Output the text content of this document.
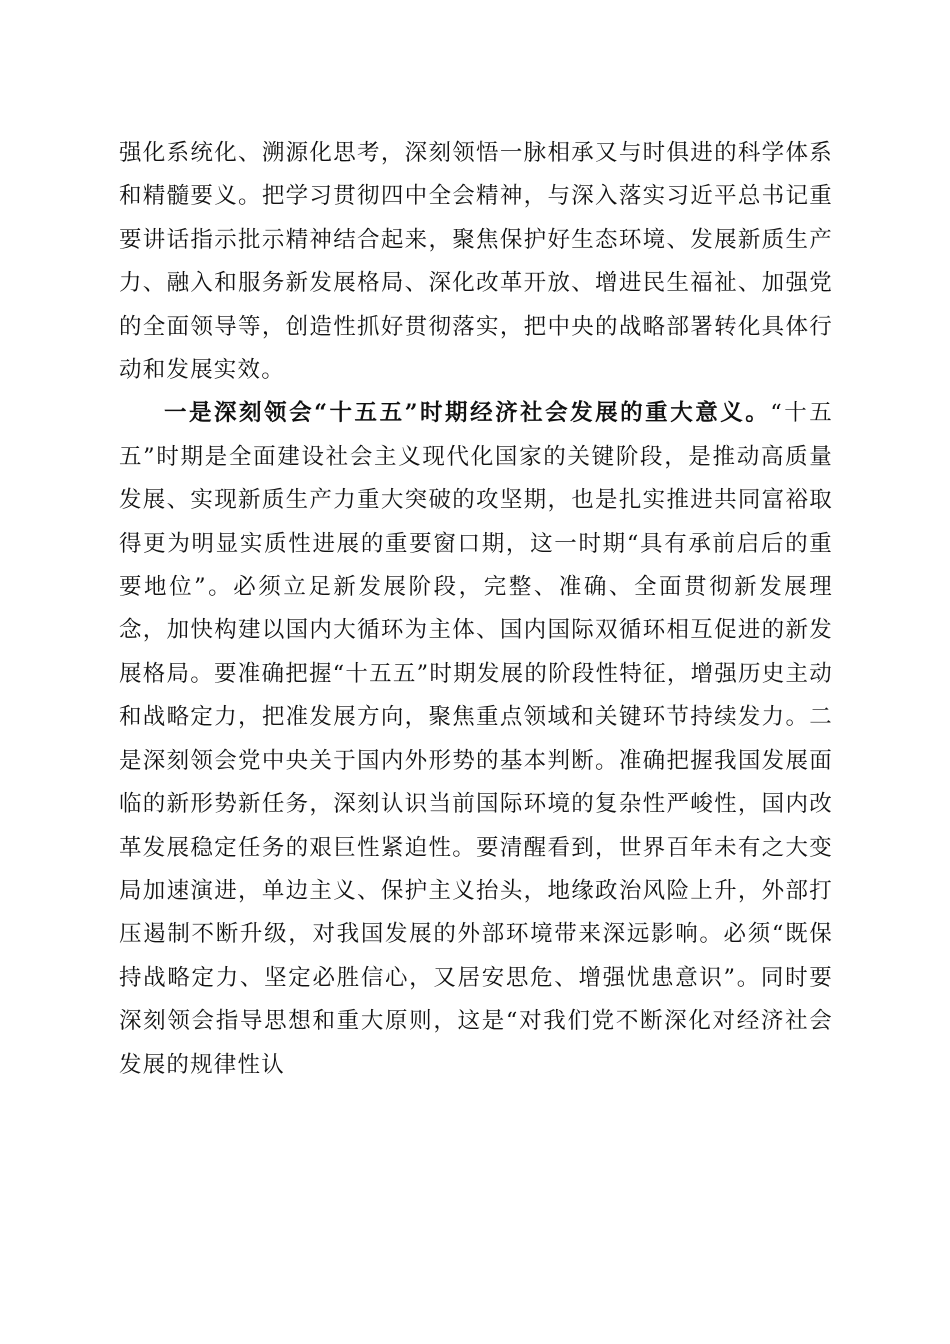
强化系统化、溯源化思考，深刻领悟一脉相承又与时俱进的科学体系和精髓要义。把学习贯彻四中全会精神，与深入落实习近平总书记重要讲话指示批示精神结合起来，聚焦保护好生态环境、发展新质生产力、融入和服务新发展格局、深化改革开放、增进民生福祉、加强党的全面领导等，创造性抓好贯彻落实，把中央的战略部署转化具体行动和发展实效。

一是深刻领会“十五五”时期经济社会发展的重大意义。“十五五”时期是全面建设社会主义现代化国家的关键阶段，是推动高质量发展、实现新质生产力重大突破的攻坚期，也是扎实推进共同富裕取得更为明显实质性进展的重要窗口期，这一时期“具有承前启后的重要地位”。必须立足新发展阶段，完整、准确、全面贯彻新发展理念，加快构建以国内大循环为主体、国内国际双循环相互促进的新发展格局。要准确把握“十五五”时期发展的阶段性特征，增强历史主动和战略定力，把准发展方向，聚焦重点领域和关键环节持续发力。二是深刻领会党中央关于国内外形势的基本判断。准确把握我国发展面临的新形势新任务，深刻认识当前国际环境的复杂性严峻性，国内改革发展稳定任务的艰巨性紧迫性。要清醒看到，世界百年未有之大变局加速演进，单边主义、保护主义抬头，地缘政治风险上升，外部打压遏制不断升级，对我国发展的外部环境带来深远影响。必须“既保持战略定力、坚定必胜信心，又居安思危、增强忧患意识”。同时要深刻领会指导思想和重大原则，这是“对我们党不断深化对经济社会发展的规律性认
